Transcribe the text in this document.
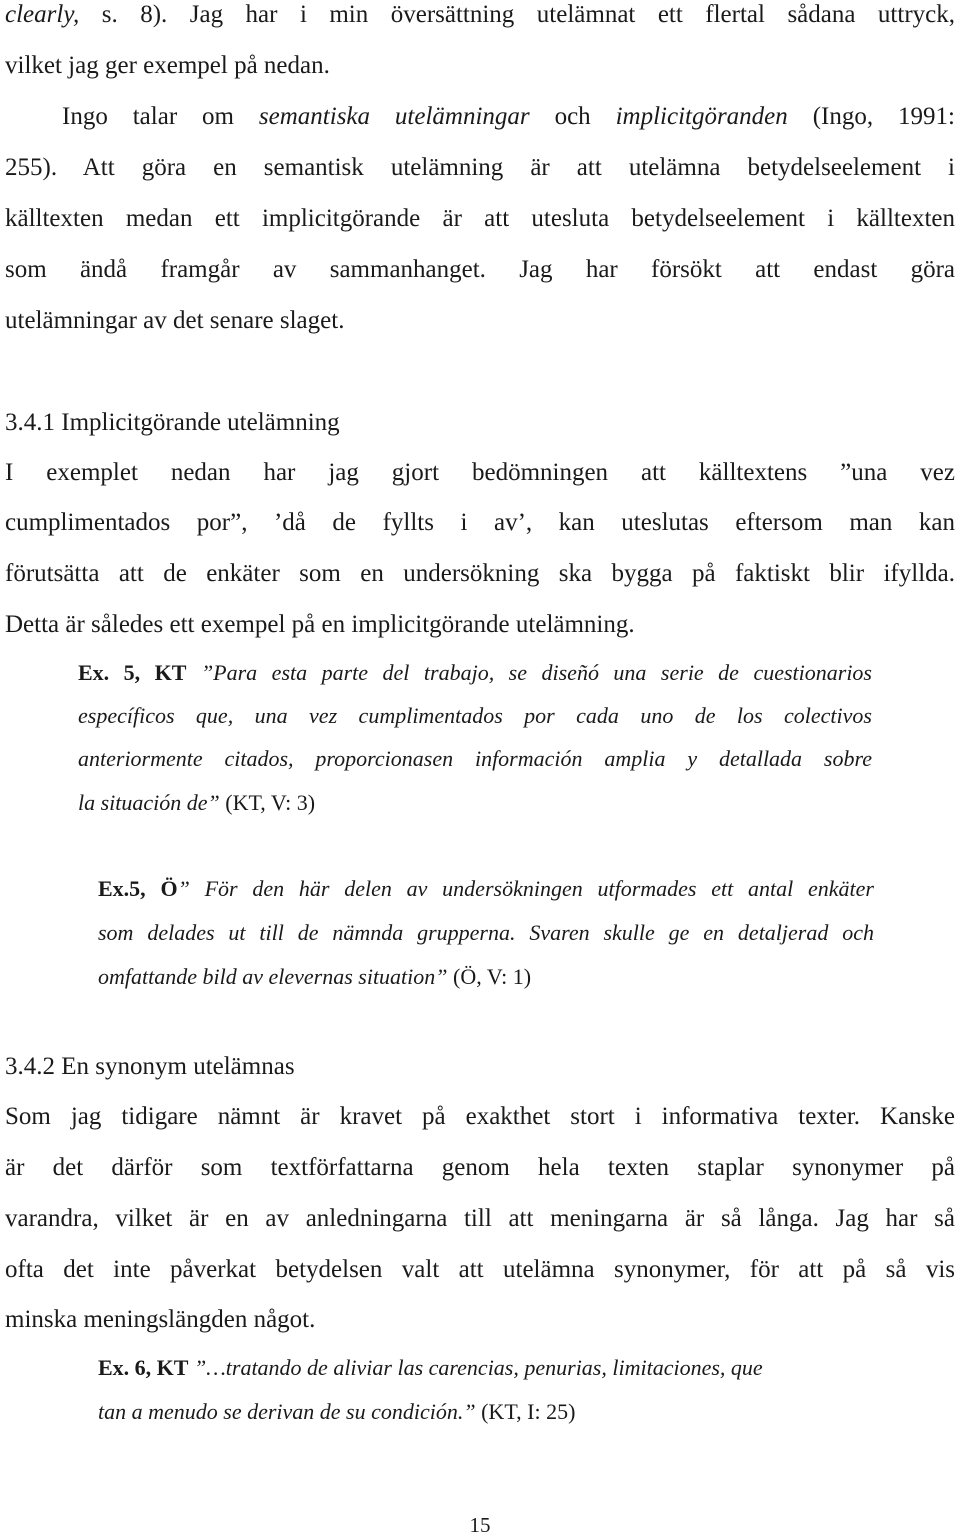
clearly, s. 8). Jag har i min översättning utelämnat ett flertal sådana uttryck,
vilket jag ger exempel på nedan.
Ingo talar om semantiska utelämningar och implicitgöranden (Ingo, 1991:
255). Att göra en semantisk utelämning är att utelämna betydelseelement i
källtexten medan ett implicitgörande är att utesluta betydelseelement i källtexten
som ändå framgår av sammanhanget. Jag har försökt att endast göra
utelämningar av det senare slaget.
3.4.1 Implicitgörande utelämning
I exemplet nedan har jag gjort bedömningen att källtextens ”una vez
cumplimentados por”, ’då de fyllts i av’, kan uteslutas eftersom man kan
förutsätta att de enkäter som en undersökning ska bygga på faktiskt blir ifyllda.
Detta är således ett exempel på en implicitgörande utelämning.
Ex. 5, KT ”Para esta parte del trabajo, se diseñó una serie de cuestionarios
específicos que, una vez cumplimentados por cada uno de los colectivos
anteriormente citados, proporcionasen información amplia y detallada sobre
la situación de” (KT, V: 3)
Ex.5, Ö” För den här delen av undersökningen utformades ett antal enkäter
som delades ut till de nämnda grupperna. Svaren skulle ge en detaljerad och
omfattande bild av elevernas situation” (Ö, V: 1)
3.4.2 En synonym utelämnas
Som jag tidigare nämnt är kravet på exakthet stort i informativa texter. Kanske
är det därför som textförfattarna genom hela texten staplar synonymer på
varandra, vilket är en av anledningarna till att meningarna är så långa. Jag har så
ofta det inte påverkat betydelsen valt att utelämna synonymer, för att på så vis
minska meningslängden något.
Ex. 6, KT ”…tratando de aliviar las carencias, penurias, limitaciones, que
tan a menudo se derivan de su condición.” (KT, I: 25)
15
